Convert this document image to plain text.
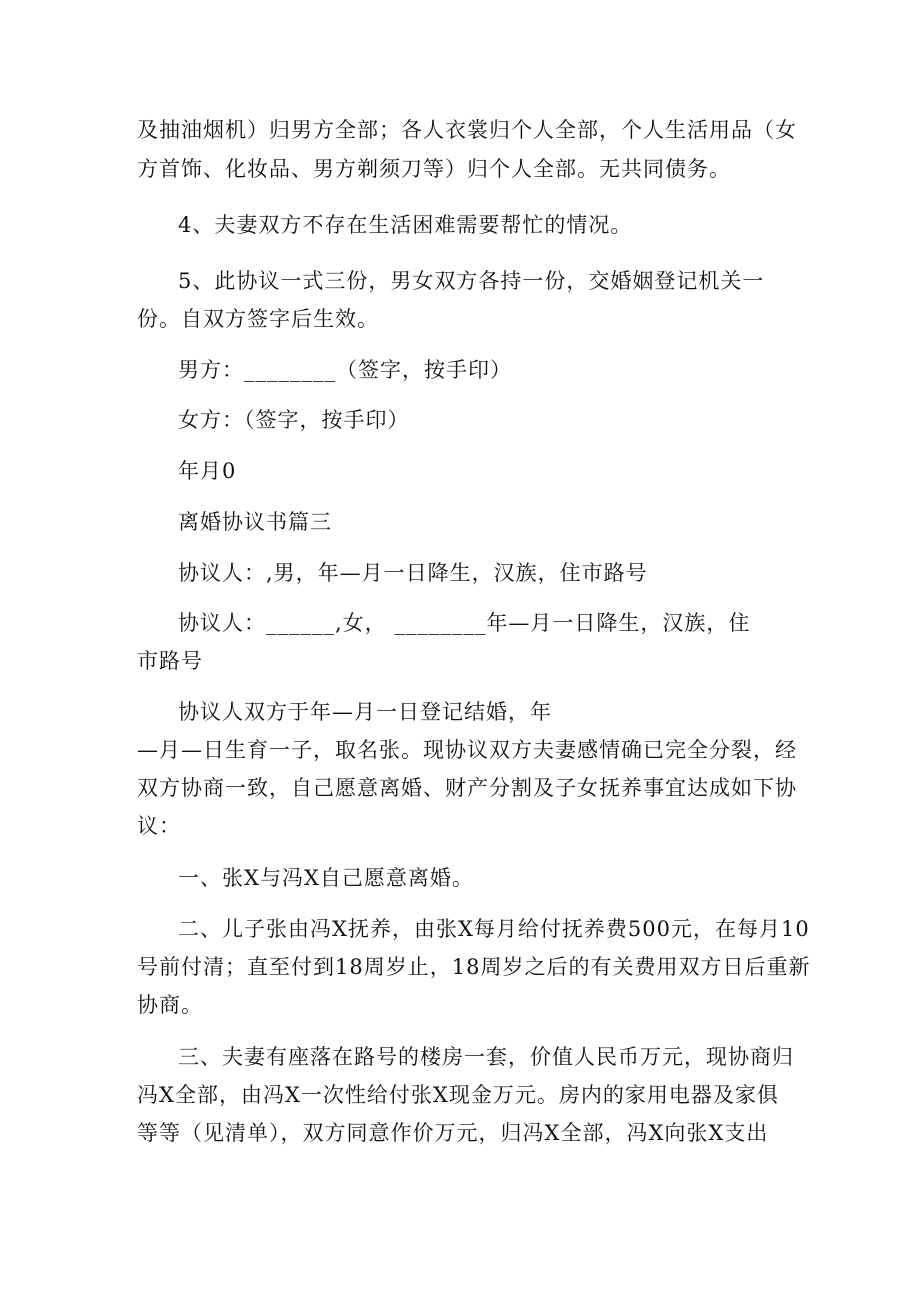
及抽油烟机）归男方全部；各人衣裳归个人全部，个人生活用品（女
方首饰、化妆品、男方剃须刀等）归个人全部。无共同债务。
4、夫妻双方不存在生活困难需要帮忙的情况。
5、此协议一式三份，男女双方各持一份，交婚姻登记机关一
份。自双方签字后生效。
男方：________（签字，按手印）
女方：（签字，按手印）
年月0
离婚协议书篇三
协议人：,男，年—月一日降生，汉族，住市路号
协议人：______,女， ________年—月一日降生，汉族，住
市路号
协议人双方于年—月一日登记结婚，年
—月—日生育一子，取名张。现协议双方夫妻感情确已完全分裂，经
双方协商一致，自己愿意离婚、财产分割及子女抚养事宜达成如下协
议：
一、张X与冯X自己愿意离婚。
二、儿子张由冯X抚养，由张X每月给付抚养费500元，在每月10
号前付清；直至付到18周岁止，18周岁之后的有关费用双方日后重新
协商。
三、夫妻有座落在路号的楼房一套，价值人民币万元，现协商归
冯X全部，由冯X一次性给付张X现金万元。房内的家用电器及家俱
等等（见清单），双方同意作价万元，归冯X全部，冯X向张X支出
